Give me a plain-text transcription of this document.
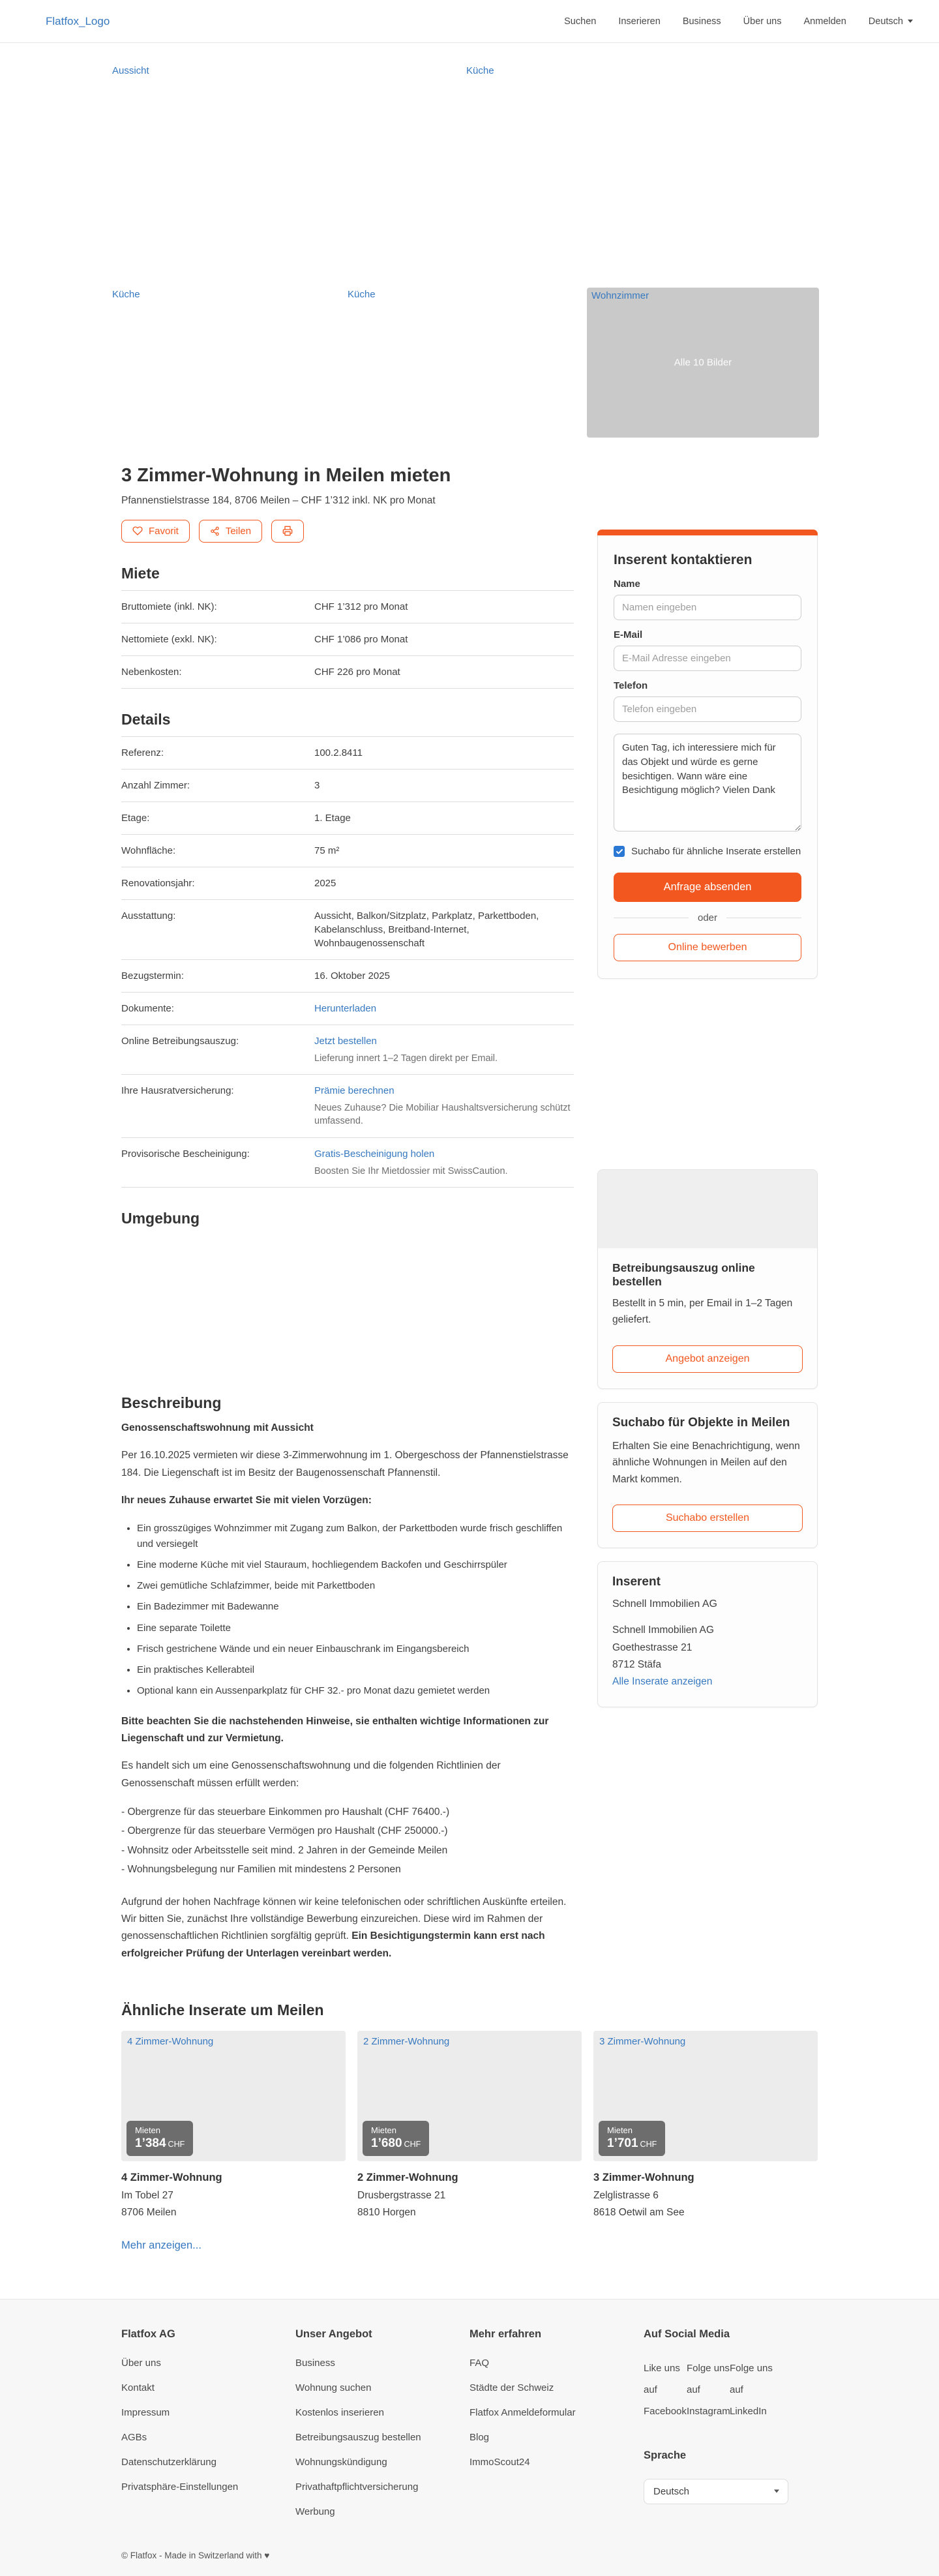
Flatfox_Logo	Suchen Inserieren Business Über uns Anmelden Deutsch
Aussicht	Küche
Küche	Küche	Wohnzimmer
Alle 10 Bilder
3 Zimmer-Wohnung in Meilen mieten

Pfannenstielstrasse 184, 8706 Meilen – CHF 1’312 inkl. NK pro Monat

Favorit	Teilen
Miete
Bruttomiete (inkl. NK):	CHF 1’312 pro Monat
Nettomiete (exkl. NK):	CHF 1’086 pro Monat
Nebenkosten:	CHF 226 pro Monat
Details
Referenz:	100.2.8411
Anzahl Zimmer:	3
Etage:	1. Etage
Wohnfläche:	75 m²
Renovationsjahr:	2025
Ausstattung:	Aussicht, Balkon/Sitzplatz, Parkplatz, Parkettboden, Kabelanschluss, Breitband-Internet, Wohnbaugenossenschaft
Bezugstermin:	16. Oktober 2025
Dokumente:	Herunterladen
Online Betreibungsauszug:	Jetzt bestellen
Lieferung innert 1–2 Tagen direkt per Email.
Ihre Hausratversicherung:	Prämie berechnen
Neues Zuhause? Die Mobiliar Haushaltsversicherung schützt umfassend.
Provisorische Bescheinigung:	Gratis-Bescheinigung holen
Boosten Sie Ihr Mietdossier mit SwissCaution.
Umgebung
Beschreibung

Genossenschaftswohnung mit Aussicht

Per 16.10.2025 vermieten wir diese 3-Zimmerwohnung im 1. Obergeschoss der Pfannenstielstrasse 184. Die Liegenschaft ist im Besitz der Baugenossenschaft Pfannenstil.

Ihr neues Zuhause erwartet Sie mit vielen Vorzügen:

• Ein grosszügiges Wohnzimmer mit Zugang zum Balkon, der Parkettboden wurde frisch geschliffen und versiegelt
• Eine moderne Küche mit viel Stauraum, hochliegendem Backofen und Geschirrspüler
• Zwei gemütliche Schlafzimmer, beide mit Parkettboden
• Ein Badezimmer mit Badewanne
• Eine separate Toilette
• Frisch gestrichene Wände und ein neuer Einbauschrank im Eingangsbereich
• Ein praktisches Kellerabteil
• Optional kann ein Aussenparkplatz für CHF 32.- pro Monat dazu gemietet werden

Bitte beachten Sie die nachstehenden Hinweise, sie enthalten wichtige Informationen zur Liegenschaft und zur Vermietung.

Es handelt sich um eine Genossenschaftswohnung und die folgenden Richtlinien der Genossenschaft müssen erfüllt werden:

- Obergrenze für das steuerbare Einkommen pro Haushalt (CHF 76400.-)
- Obergrenze für das steuerbare Vermögen pro Haushalt (CHF 250000.-)
- Wohnsitz oder Arbeitsstelle seit mind. 2 Jahren in der Gemeinde Meilen
- Wohnungsbelegung nur Familien mit mindestens 2 Personen

Aufgrund der hohen Nachfrage können wir keine telefonischen oder schriftlichen Auskünfte erteilen. Wir bitten Sie, zunächst Ihre vollständige Bewerbung einzureichen. Diese wird im Rahmen der genossenschaftlichen Richtlinien sorgfältig geprüft. Ein Besichtigungstermin kann erst nach erfolgreicher Prüfung der Unterlagen vereinbart werden.

Inserent kontaktieren
Name
Namen eingeben
E-Mail
E-Mail Adresse eingeben
Telefon
Telefon eingeben Guten Tag, ich interessiere mich für das Objekt und würde es gerne besichtigen. Wann wäre eine Besichtigung möglich? Vielen Dank
Suchabo für ähnliche Inserate erstellen
Anfrage absenden
oder
Online bewerben
Betreibungsauszug online bestellen
Bestellt in 5 min, per Email in 1–2 Tagen geliefert.
Angebot anzeigen
Suchabo für Objekte in Meilen
Erhalten Sie eine Benachrichtigung, wenn ähnliche Wohnungen in Meilen auf den Markt kommen.
Suchabo erstellen
Inserent
Schnell Immobilien AG
Schnell Immobilien AG
Goethestrasse 21
8712 Stäfa
Alle Inserate anzeigen
Ähnliche Inserate um Meilen
4 Zimmer-Wohnung
Mieten
1’384 CHF
4 Zimmer-Wohnung
Im Tobel 27
8706 Meilen
2 Zimmer-Wohnung
Mieten
1’680 CHF
2 Zimmer-Wohnung
Drusbergstrasse 21
8810 Horgen
3 Zimmer-Wohnung
Mieten
1’701 CHF
3 Zimmer-Wohnung
Zelglistrasse 6
8618 Oetwil am See
Mehr anzeigen...
Flatfox AG
Über uns
Kontakt
Impressum
AGBs
Datenschutzerklärung
Privatsphäre-Einstellungen
Unser Angebot
Business
Wohnung suchen
Kostenlos inserieren
Betreibungsauszug bestellen
Wohnungskündigung
Privathaftpflichtversicherung
Werbung
Mehr erfahren
FAQ
Städte der Schweiz
Flatfox Anmeldeformular
Blog
ImmoScout24
Auf Social Media
Like uns auf Facebook
Folge uns auf Instagram
Folge uns auf LinkedIn
Sprache
Deutsch
© Flatfox - Made in Switzerland with ♥
